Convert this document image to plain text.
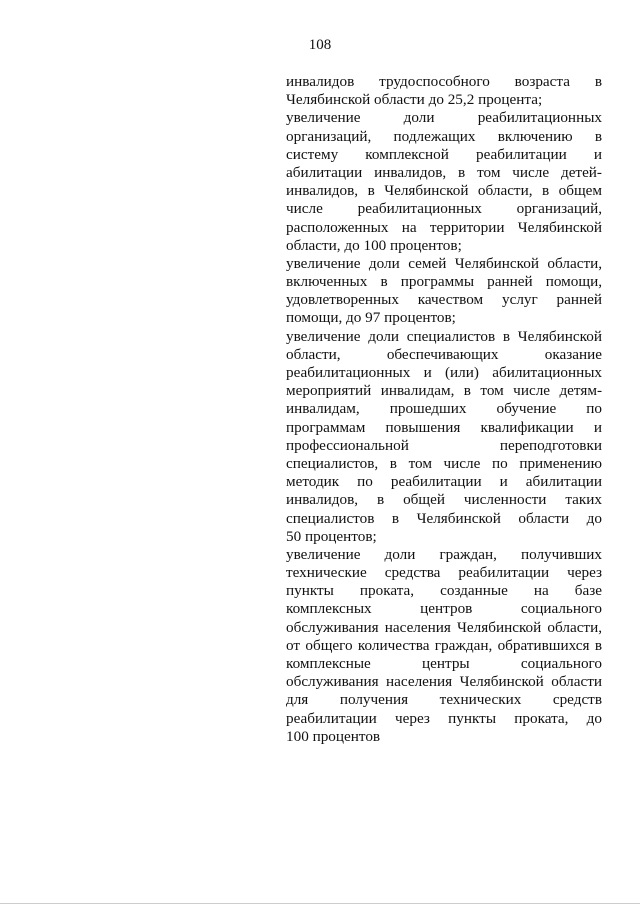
108
инвалидов трудоспособного возраста в
Челябинской области до 25,2 процента;
увеличение доли реабилитационных
организаций, подлежащих включению в
систему комплексной реабилитации и
абилитации инвалидов, в том числе детей-
инвалидов, в Челябинской области, в общем
числе реабилитационных организаций,
расположенных на территории Челябинской
области, до 100 процентов;
увеличение доли семей Челябинской области,
включенных в программы ранней помощи,
удовлетворенных качеством услуг ранней
помощи, до 97 процентов;
увеличение доли специалистов в Челябинской
области, обеспечивающих оказание
реабилитационных и (или) абилитационных
мероприятий инвалидам, в том числе детям-
инвалидам, прошедших обучение по
программам повышения квалификации и
профессиональной переподготовки
специалистов, в том числе по применению
методик по реабилитации и абилитации
инвалидов, в общей численности таких
специалистов в Челябинской области до
50 процентов;
увеличение доли граждан, получивших
технические средства реабилитации через
пункты проката, созданные на базе
комплексных центров социального
обслуживания населения Челябинской области,
от общего количества граждан, обратившихся в
комплексные центры социального
обслуживания населения Челябинской области
для получения технических средств
реабилитации через пункты проката, до
100 процентов
